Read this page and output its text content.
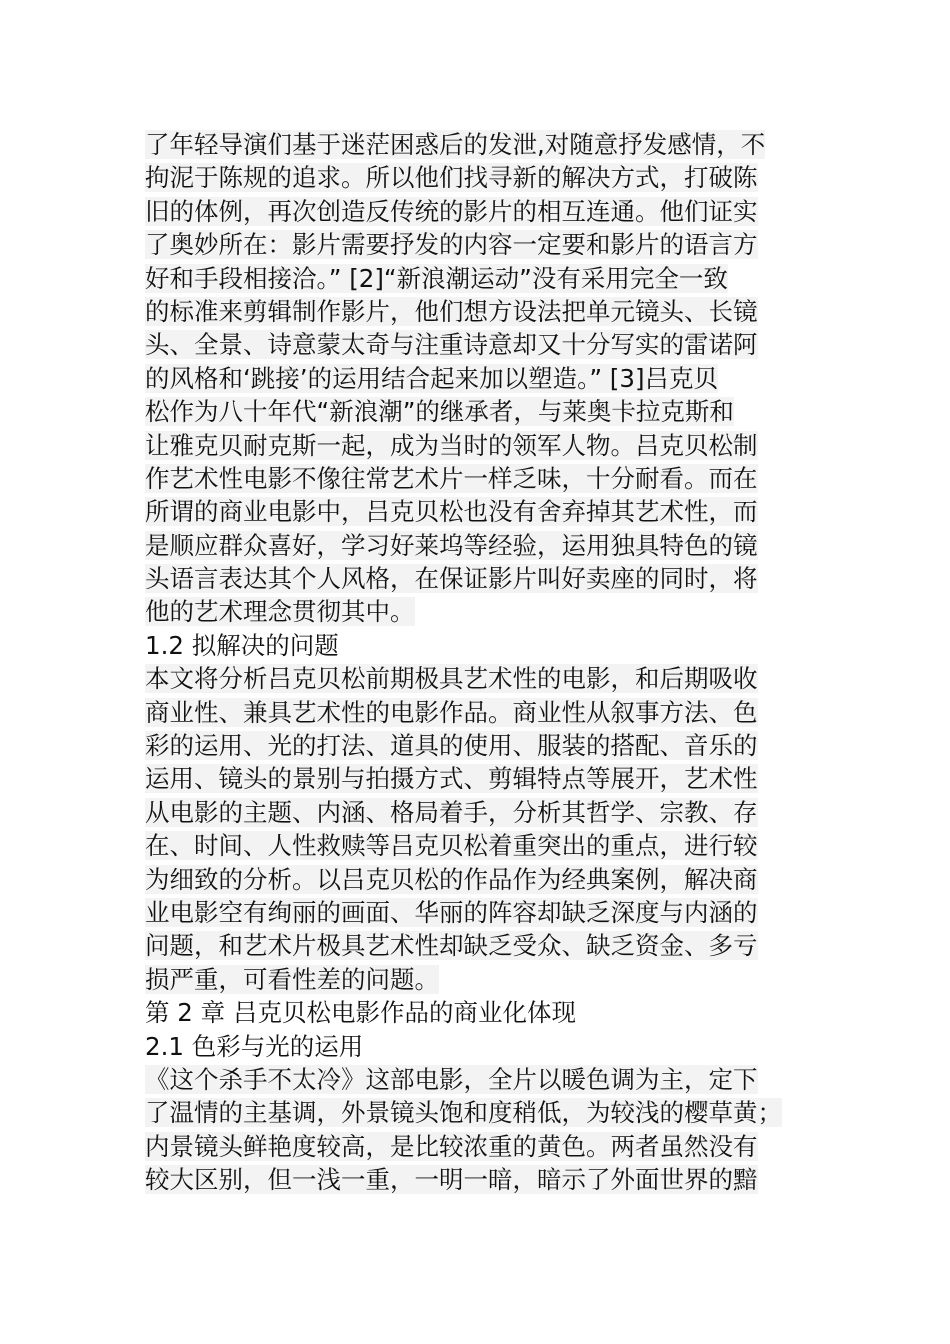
了年轻导演们基于迷茫困惑后的发泄,对随意抒发感情，不
拘泥于陈规的追求。所以他们找寻新的解决方式，打破陈
旧的体例，再次创造反传统的影片的相互连通。他们证实
了奥妙所在：影片需要抒发的内容一定要和影片的语言方
好和手段相接洽。” [2]“新浪潮运动”没有采用完全一致
的标准来剪辑制作影片，他们想方设法把单元镜头、长镜
头、全景、诗意蒙太奇与注重诗意却又十分写实的雷诺阿
的风格和‘跳接’的运用结合起来加以塑造。” [3]吕克贝
松作为八十年代“新浪潮”的继承者，与莱奥卡拉克斯和
让雅克贝耐克斯一起，成为当时的领军人物。吕克贝松制
作艺术性电影不像往常艺术片一样乏味，十分耐看。而在
所谓的商业电影中，吕克贝松也没有舍弃掉其艺术性，而
是顺应群众喜好，学习好莱坞等经验，运用独具特色的镜
头语言表达其个人风格，在保证影片叫好卖座的同时，将
他的艺术理念贯彻其中。
1.2 拟解决的问题
本文将分析吕克贝松前期极具艺术性的电影，和后期吸收
商业性、兼具艺术性的电影作品。商业性从叙事方法、色
彩的运用、光的打法、道具的使用、服装的搭配、音乐的
运用、镜头的景别与拍摄方式、剪辑特点等展开，艺术性
从电影的主题、内涵、格局着手，分析其哲学、宗教、存
在、时间、人性救赎等吕克贝松着重突出的重点，进行较
为细致的分析。以吕克贝松的作品作为经典案例，解决商
业电影空有绚丽的画面、华丽的阵容却缺乏深度与内涵的
问题，和艺术片极具艺术性却缺乏受众、缺乏资金、多亏
损严重，可看性差的问题。
第 2 章 吕克贝松电影作品的商业化体现
2.1 色彩与光的运用
《这个杀手不太冷》这部电影，全片以暖色调为主，定下
了温情的主基调，外景镜头饱和度稍低，为较浅的樱草黄；
内景镜头鲜艳度较高，是比较浓重的黄色。两者虽然没有
较大区别，但一浅一重，一明一暗，暗示了外面世界的黯
